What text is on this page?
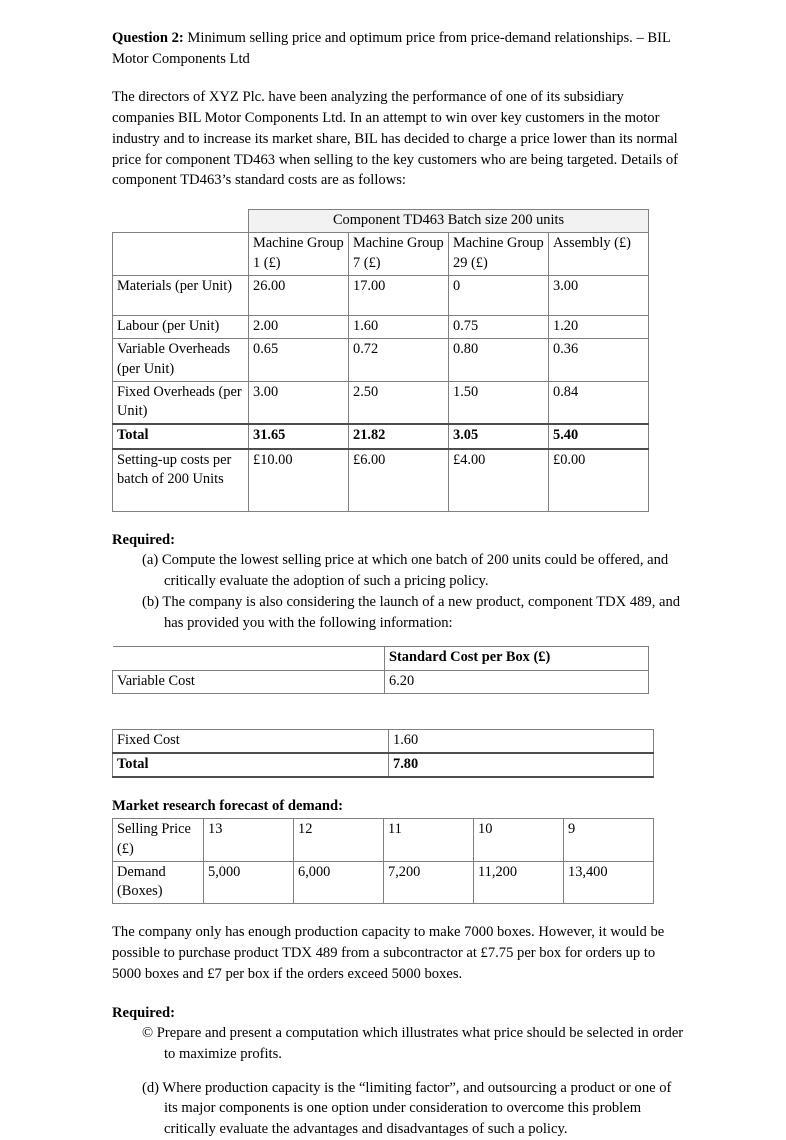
Question 2: Minimum selling price and optimum price from price-demand relationships. – BIL Motor Components Ltd

The directors of XYZ Plc. have been analyzing the performance of one of its subsidiary companies BIL Motor Components Ltd. In an attempt to win over key customers in the motor industry and to increase its market share, BIL has decided to charge a price lower than its normal price for component TD463 when selling to the key customers who are being targeted. Details of component TD463’s standard costs are as follows:

	Component TD463 Batch size 200 units			
	Machine Group 1 (£)	Machine Group 7 (£)	Machine Group 29 (£)	Assembly (£)
Materials (per Unit)	26.00	17.00	0	3.00
Labour (per Unit)	2.00	1.60	0.75	1.20
Variable Overheads (per Unit)	0.65	0.72	0.80	0.36
Fixed Overheads (per Unit)	3.00	2.50	1.50	0.84
Total	31.65	21.82	3.05	5.40
Setting-up costs per batch of 200 Units	£10.00	£6.00	£4.00	£0.00

Required:

(a) Compute the lowest selling price at which one batch of 200 units could be offered, and critically evaluate the adoption of such a pricing policy.
(b) The company is also considering the launch of a new product, component TDX 489, and has provided you with the following information:
	Standard Cost per Box (£)
Variable Cost	6.20
Fixed Cost	1.60
Total	7.80

Market research forecast of demand:

Selling Price (£)	13	12	11	10	9
Demand (Boxes)	5,000	6,000	7,200	11,200	13,400

The company only has enough production capacity to make 7000 boxes. However, it would be possible to purchase product TDX 489 from a subcontractor at £7.75 per box for orders up to 5000 boxes and £7 per box if the orders exceed 5000 boxes.

Required:

© Prepare and present a computation which illustrates what price should be selected in order to maximize profits.
(d) Where production capacity is the “limiting factor”, and outsourcing a product or one of its major components is one option under consideration to overcome this problem critically evaluate the advantages and disadvantages of such a policy.
